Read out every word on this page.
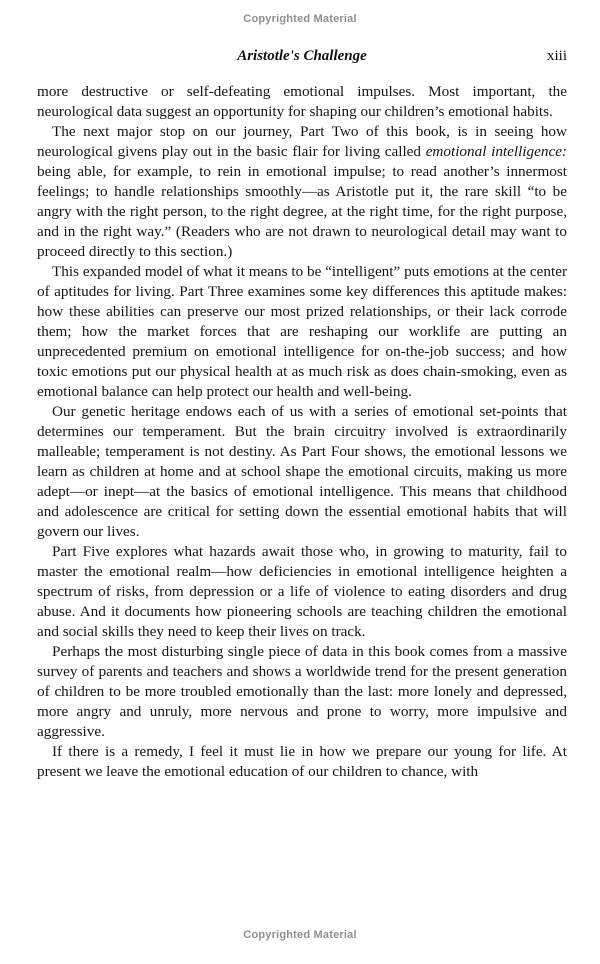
Copyrighted Material
Aristotle's Challenge	xiii

more destructive or self-defeating emotional impulses. Most important, the neurological data suggest an opportunity for shaping our children’s emotional habits.

The next major stop on our journey, Part Two of this book, is in seeing how neurological givens play out in the basic flair for living called emotional intelligence: being able, for example, to rein in emotional impulse; to read another’s innermost feelings; to handle relationships smoothly—as Aristotle put it, the rare skill “to be angry with the right person, to the right degree, at the right time, for the right purpose, and in the right way.” (Readers who are not drawn to neurological detail may want to proceed directly to this section.)

This expanded model of what it means to be “intelligent” puts emotions at the center of aptitudes for living. Part Three examines some key differences this aptitude makes: how these abilities can preserve our most prized relationships, or their lack corrode them; how the market forces that are reshaping our worklife are putting an unprecedented premium on emotional intelligence for on-the-job success; and how toxic emotions put our physical health at as much risk as does chain-smoking, even as emotional balance can help protect our health and well-being.

Our genetic heritage endows each of us with a series of emotional set-points that determines our temperament. But the brain circuitry involved is extraordinarily malleable; temperament is not destiny. As Part Four shows, the emotional lessons we learn as children at home and at school shape the emotional circuits, making us more adept—or inept—at the basics of emotional intelligence. This means that childhood and adolescence are critical for setting down the essential emotional habits that will govern our lives.

Part Five explores what hazards await those who, in growing to maturity, fail to master the emotional realm—how deficiencies in emotional intelligence heighten a spectrum of risks, from depression or a life of violence to eating disorders and drug abuse. And it documents how pioneering schools are teaching children the emotional and social skills they need to keep their lives on track.

Perhaps the most disturbing single piece of data in this book comes from a massive survey of parents and teachers and shows a worldwide trend for the present generation of children to be more troubled emotionally than the last: more lonely and depressed, more angry and unruly, more nervous and prone to worry, more impulsive and aggressive.

If there is a remedy, I feel it must lie in how we prepare our young for life. At present we leave the emotional education of our children to chance, with

Copyrighted Material
